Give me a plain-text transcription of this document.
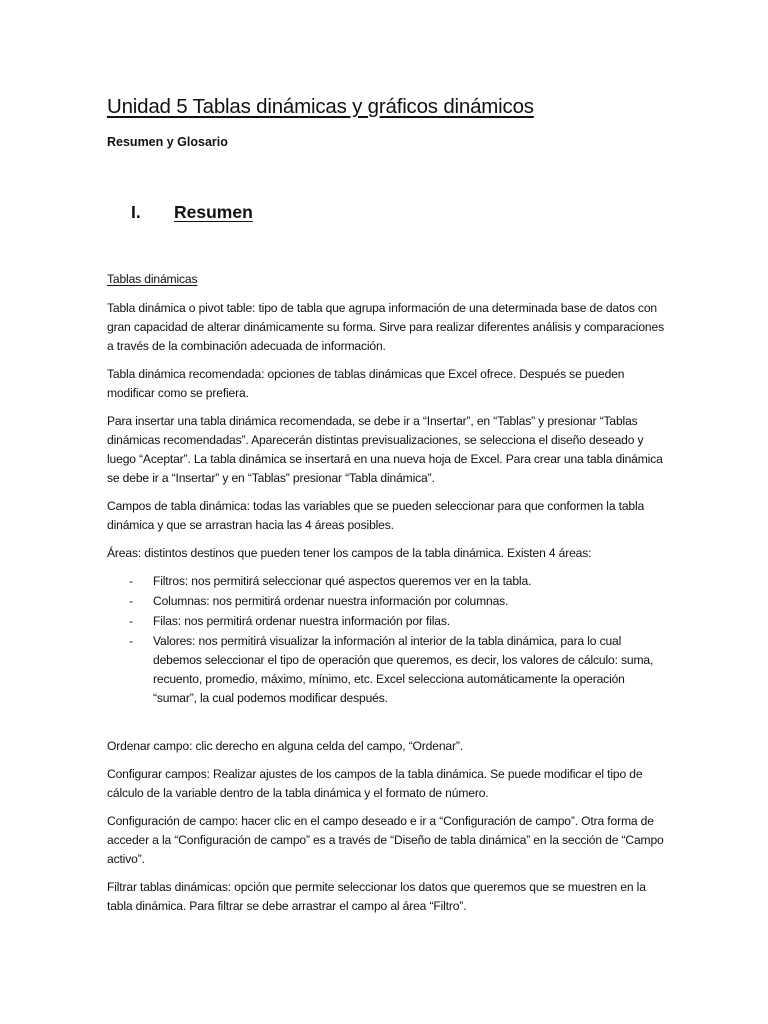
Unidad 5 Tablas dinámicas y gráficos dinámicos
Resumen y Glosario
I. Resumen
Tablas dinámicas

Tabla dinámica o pivot table: tipo de tabla que agrupa información de una determinada base de datos con gran capacidad de alterar dinámicamente su forma. Sirve para realizar diferentes análisis y comparaciones a través de la combinación adecuada de información.

Tabla dinámica recomendada: opciones de tablas dinámicas que Excel ofrece. Después se pueden modificar como se prefiera.

Para insertar una tabla dinámica recomendada, se debe ir a “Insertar”, en “Tablas” y presionar “Tablas dinámicas recomendadas”. Aparecerán distintas previsualizaciones, se selecciona el diseño deseado y luego “Aceptar”. La tabla dinámica se insertará en una nueva hoja de Excel. Para crear una tabla dinámica se debe ir a “Insertar” y en “Tablas” presionar “Tabla dinámica”.

Campos de tabla dinámica: todas las variables que se pueden seleccionar para que conformen la tabla dinámica y que se arrastran hacia las 4 áreas posibles.

Áreas: distintos destinos que pueden tener los campos de la tabla dinámica. Existen 4 áreas:

- Filtros: nos permitirá seleccionar qué aspectos queremos ver en la tabla.
- Columnas: nos permitirá ordenar nuestra información por columnas.
- Filas: nos permitirá ordenar nuestra información por filas.
- Valores: nos permitirá visualizar la información al interior de la tabla dinámica, para lo cual debemos seleccionar el tipo de operación que queremos, es decir, los valores de cálculo: suma, recuento, promedio, máximo, mínimo, etc. Excel selecciona automáticamente la operación “sumar”, la cual podemos modificar después.

Ordenar campo: clic derecho en alguna celda del campo, “Ordenar”.

Configurar campos: Realizar ajustes de los campos de la tabla dinámica. Se puede modificar el tipo de cálculo de la variable dentro de la tabla dinámica y el formato de número.

Configuración de campo: hacer clic en el campo deseado e ir a “Configuración de campo”. Otra forma de acceder a la “Configuración de campo” es a través de “Diseño de tabla dinámica” en la sección de “Campo activo”.

Filtrar tablas dinámicas: opción que permite seleccionar los datos que queremos que se muestren en la tabla dinámica. Para filtrar se debe arrastrar el campo al área “Filtro”.
